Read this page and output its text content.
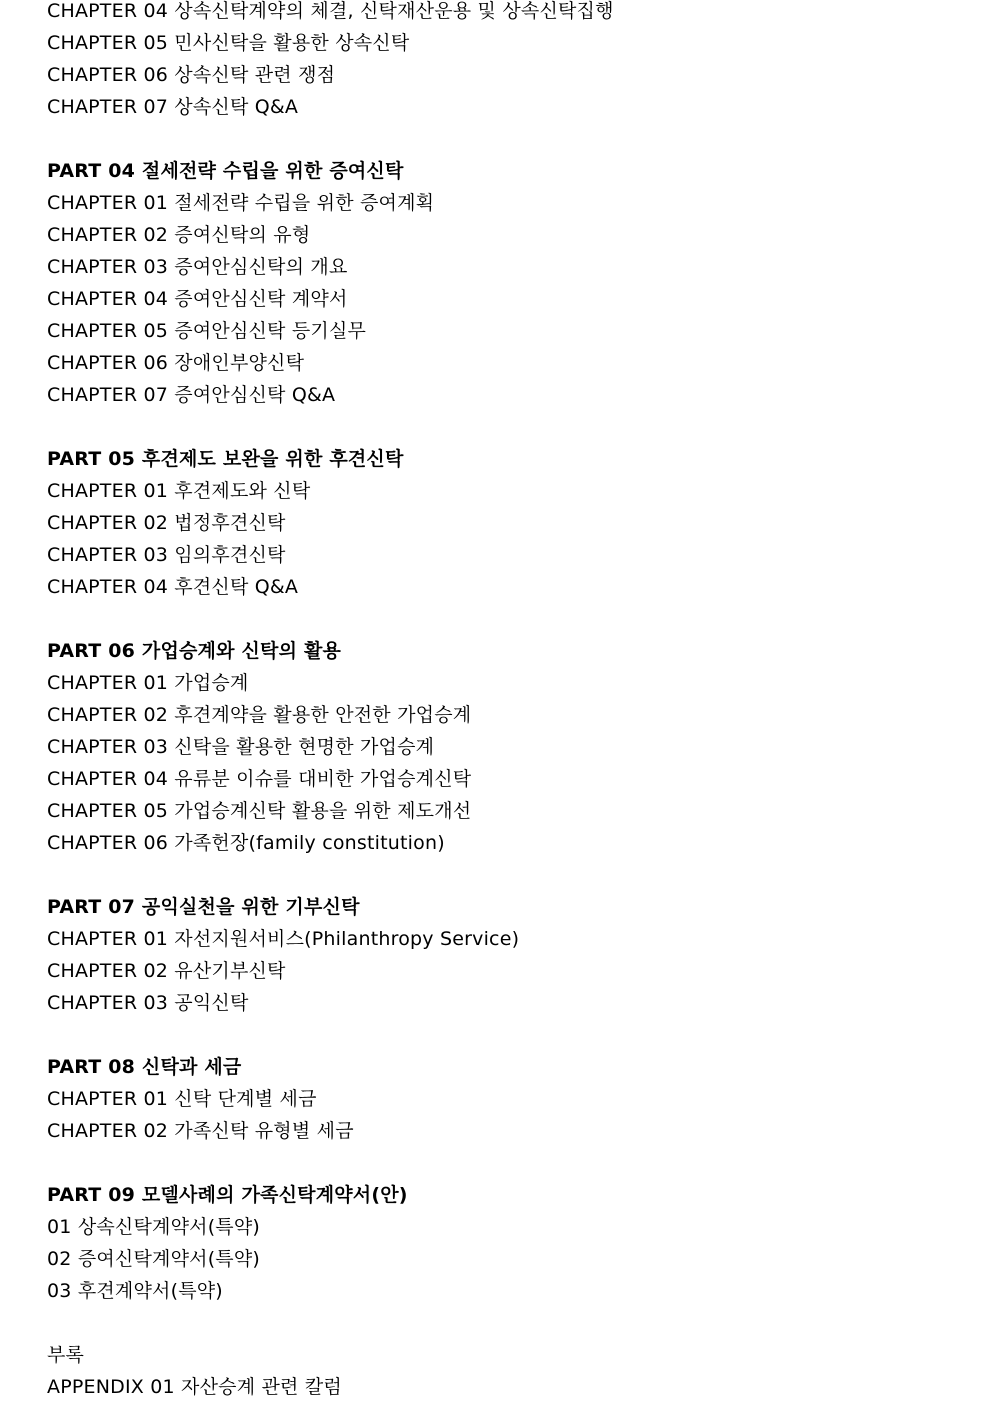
CHAPTER 04 상속신탁계약의 체결, 신탁재산운용 및 상속신탁집행
CHAPTER 05 민사신탁을 활용한 상속신탁
CHAPTER 06 상속신탁 관련 쟁점
CHAPTER 07 상속신탁 Q&A
PART 04 절세전략 수립을 위한 증여신탁
CHAPTER 01 절세전략 수립을 위한 증여계획
CHAPTER 02 증여신탁의 유형
CHAPTER 03 증여안심신탁의 개요
CHAPTER 04 증여안심신탁 계약서
CHAPTER 05 증여안심신탁 등기실무
CHAPTER 06 장애인부양신탁
CHAPTER 07 증여안심신탁 Q&A
PART 05 후견제도 보완을 위한 후견신탁
CHAPTER 01 후견제도와 신탁
CHAPTER 02 법정후견신탁
CHAPTER 03 임의후견신탁
CHAPTER 04 후견신탁 Q&A
PART 06 가업승계와 신탁의 활용
CHAPTER 01 가업승계
CHAPTER 02 후견계약을 활용한 안전한 가업승계
CHAPTER 03 신탁을 활용한 현명한 가업승계
CHAPTER 04 유류분 이슈를 대비한 가업승계신탁
CHAPTER 05 가업승계신탁 활용을 위한 제도개선
CHAPTER 06 가족헌장(family constitution)
PART 07 공익실천을 위한 기부신탁
CHAPTER 01 자선지원서비스(Philanthropy Service)
CHAPTER 02 유산기부신탁
CHAPTER 03 공익신탁
PART 08 신탁과 세금
CHAPTER 01 신탁 단계별 세금
CHAPTER 02 가족신탁 유형별 세금
PART 09 모델사례의 가족신탁계약서(안)
01 상속신탁계약서(특약)
02 증여신탁계약서(특약)
03 후견계약서(특약)
부록
APPENDIX 01 자산승계 관련 칼럼
